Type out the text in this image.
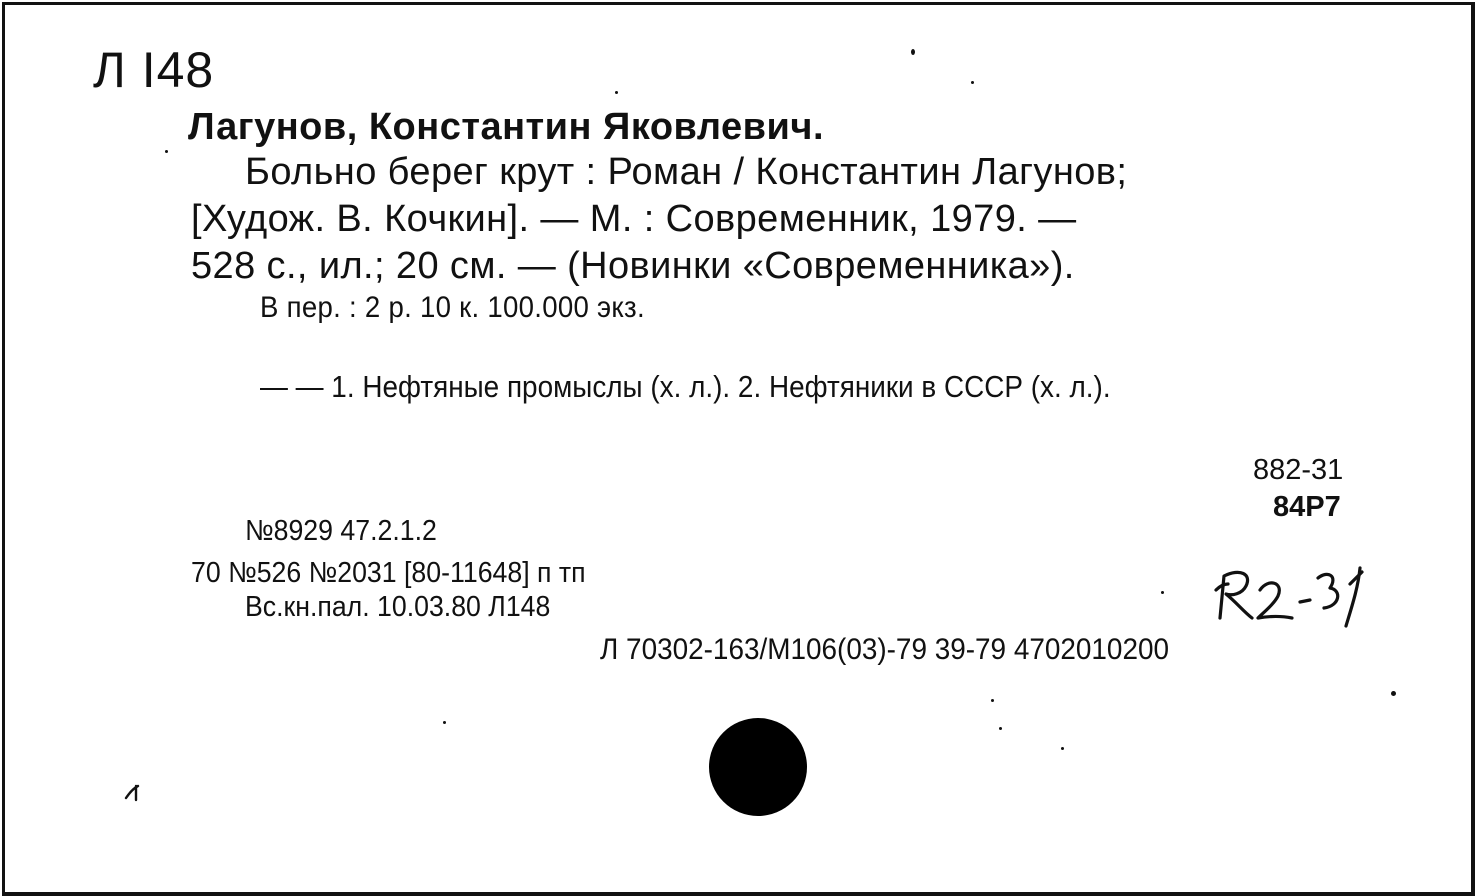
Л I48
Лагунов, Константин Яковлевич.
Больно берег крут : Роман / Константин Лагунов;
[Худож. В. Кочкин]. — М. : Современник, 1979. —
528 с., ил.; 20 см. — (Новинки «Современника»).
В пер. : 2 р. 10 к. 100.000 экз.
— — 1. Нефтяные промыслы (х. л.). 2. Нефтяники в СССР (х. л.).
882-31
84Р7
№8929 47.2.1.2
70 №526 №2031 [80-11648] п тп
Вс.кн.пал. 10.03.80 Л148
Л 70302-163/М106(03)-79 39-79 4702010200
